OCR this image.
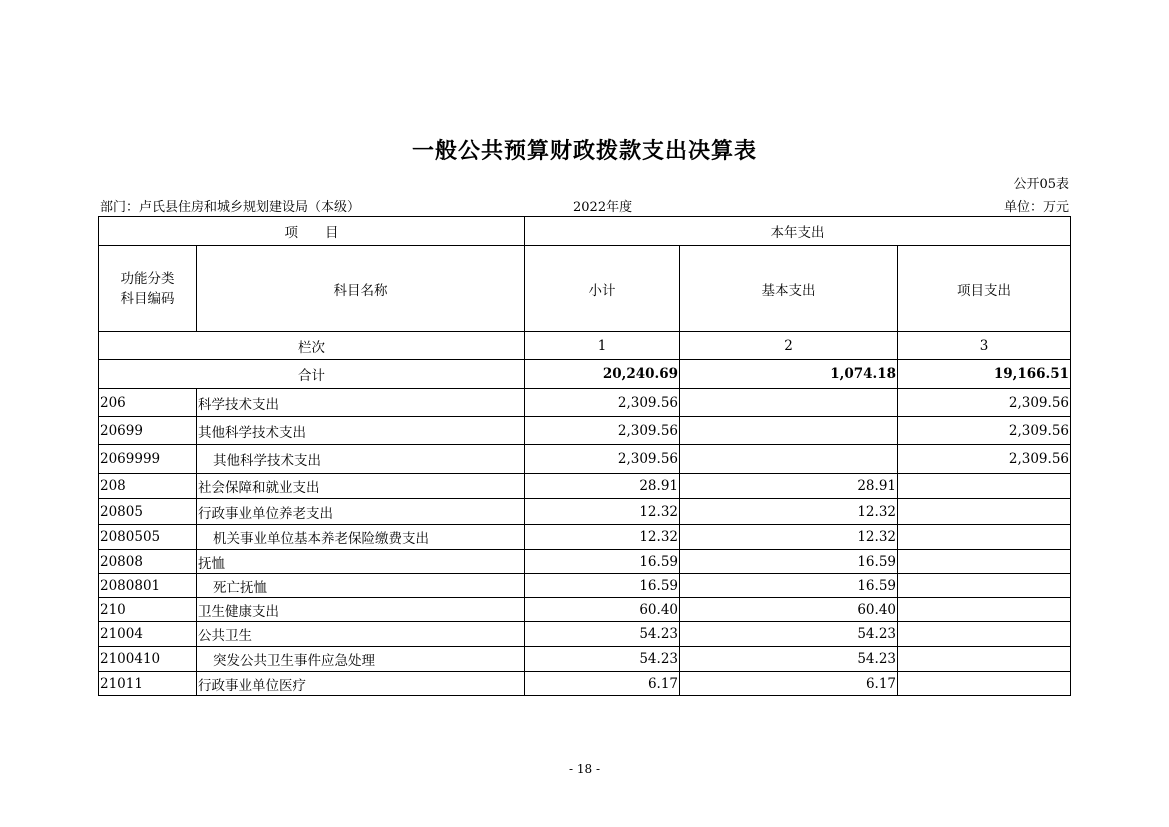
一般公共预算财政拨款支出决算表
公开05表
部门：卢氏县住房和城乡规划建设局（本级）	2022年度	单位：万元
项　　目		本年支出		
功能分类
科目编码	科目名称	小计	基本支出	项目支出
栏次		1	2	3
合计		20,240.69	1,074.18	19,166.51
206	科学技术支出	2,309.56		2,309.56
20699	其他科学技术支出	2,309.56		2,309.56
2069999	其他科学技术支出	2,309.56		2,309.56
208	社会保障和就业支出	28.91	28.91	
20805	行政事业单位养老支出	12.32	12.32	
2080505	机关事业单位基本养老保险缴费支出	12.32	12.32	
20808	抚恤	16.59	16.59	
2080801	死亡抚恤	16.59	16.59	
210	卫生健康支出	60.40	60.40	
21004	公共卫生	54.23	54.23	
2100410	突发公共卫生事件应急处理	54.23	54.23	
21011	行政事业单位医疗	6.17	6.17	
- 18 -
